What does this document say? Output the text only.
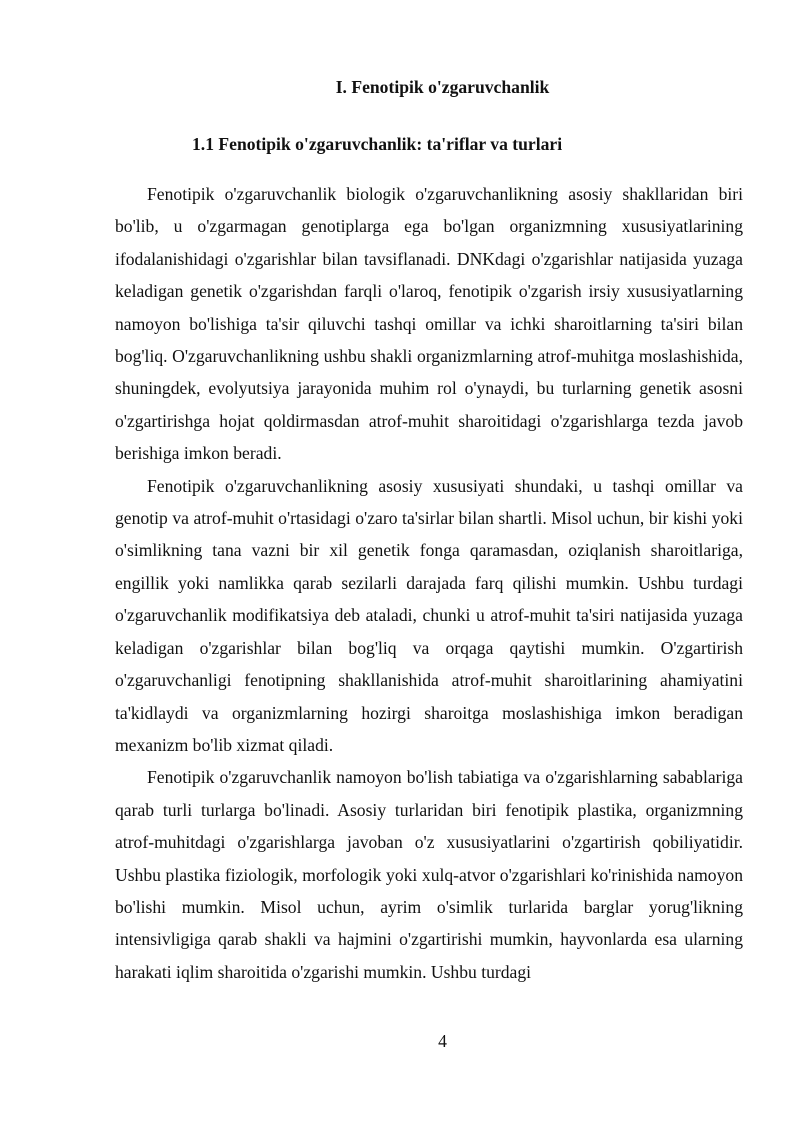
I. Fenotipik o'zgaruvchanlik
1.1 Fenotipik o'zgaruvchanlik: ta'riflar va turlari

Fenotipik o'zgaruvchanlik biologik o'zgaruvchanlikning asosiy shakllaridan biri bo'lib, u o'zgarmagan genotiplarga ega bo'lgan organizmning xususiyatlarining ifodalanishidagi o'zgarishlar bilan tavsiflanadi. DNKdagi o'zgarishlar natijasida yuzaga keladigan genetik o'zgarishdan farqli o'laroq, fenotipik o'zgarish irsiy xususiyatlarning namoyon bo'lishiga ta'sir qiluvchi tashqi omillar va ichki sharoitlarning ta'siri bilan bog'liq. O'zgaruvchanlikning ushbu shakli organizmlarning atrof-muhitga moslashishida, shuningdek, evolyutsiya jarayonida muhim rol o'ynaydi, bu turlarning genetik asosni o'zgartirishga hojat qoldirmasdan atrof-muhit sharoitidagi o'zgarishlarga tezda javob berishiga imkon beradi.

Fenotipik o'zgaruvchanlikning asosiy xususiyati shundaki, u tashqi omillar va genotip va atrof-muhit o'rtasidagi o'zaro ta'sirlar bilan shartli. Misol uchun, bir kishi yoki o'simlikning tana vazni bir xil genetik fonga qaramasdan, oziqlanish sharoitlariga, engillik yoki namlikka qarab sezilarli darajada farq qilishi mumkin. Ushbu turdagi o'zgaruvchanlik modifikatsiya deb ataladi, chunki u atrof-muhit ta'siri natijasida yuzaga keladigan o'zgarishlar bilan bog'liq va orqaga qaytishi mumkin. O'zgartirish o'zgaruvchanligi fenotipning shakllanishida atrof-muhit sharoitlarining ahamiyatini ta'kidlaydi va organizmlarning hozirgi sharoitga moslashishiga imkon beradigan mexanizm bo'lib xizmat qiladi.

Fenotipik o'zgaruvchanlik namoyon bo'lish tabiatiga va o'zgarishlarning sabablariga qarab turli turlarga bo'linadi. Asosiy turlaridan biri fenotipik plastika, organizmning atrof-muhitdagi o'zgarishlarga javoban o'z xususiyatlarini o'zgartirish qobiliyatidir. Ushbu plastika fiziologik, morfologik yoki xulq-atvor o'zgarishlari ko'rinishida namoyon bo'lishi mumkin. Misol uchun, ayrim o'simlik turlarida barglar yorug'likning intensivligiga qarab shakli va hajmini o'zgartirishi mumkin, hayvonlarda esa ularning harakati iqlim sharoitida o'zgarishi mumkin. Ushbu turdagi

4
